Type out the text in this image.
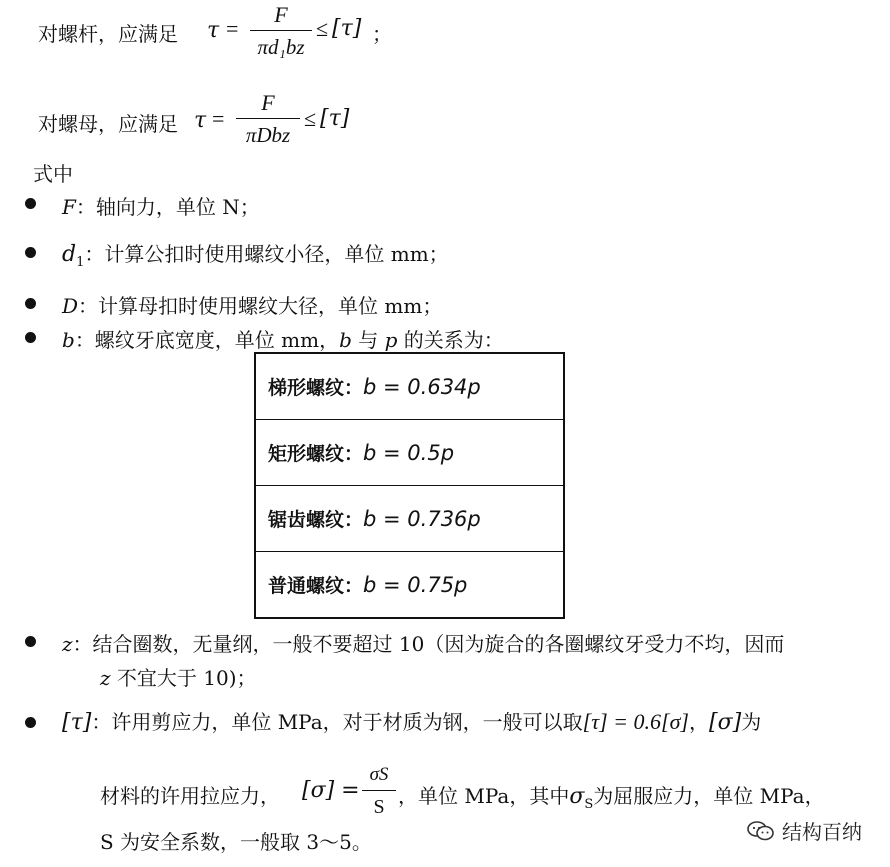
对螺杆，应满足 τ =
F
πd₁bz
≤ [τ] ；
对螺母，应满足 τ =
F
πDbz
≤ [τ]
式中
F：轴向力，单位 N；
$d_1$：计算公扣时使用螺纹小径，单位 mm；
D：计算母扣时使用螺纹大径，单位 mm；
b：螺纹牙底宽度，单位 mm，b 与 p 的关系为：
梯形螺纹：b = 0.634p
矩形螺纹：b = 0.5p
锯齿螺纹：b = 0.736p
普通螺纹：b = 0.75p
z：结合圈数，无量纲，一般不要超过 10（因为旋合的各圈螺纹牙受力不均，因而
z 不宜大于 10)；
[τ]：许用剪应力，单位 MPa，对于材质为钢，一般可以取[τ] = 0.6[σ]，[σ]为
材料的许用拉应力， [σ] =
σS
S ，单位 MPa，其中$\sigma_S$为屈服应力，单位 MPa，
S 为安全系数，一般取 3～5。	结构百纳
